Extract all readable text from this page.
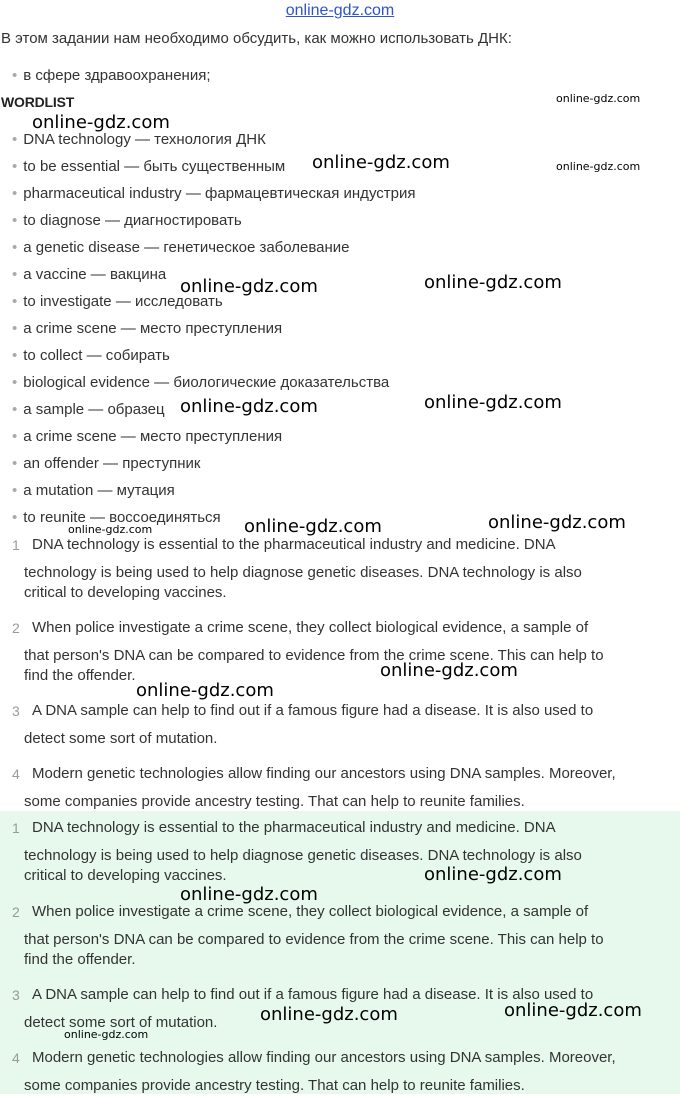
online-gdz.com
В этом задании нам необходимо обсудить, как можно использовать ДНК:
• в сфере здравоохранения;
WORDLIST
• DNA technology — технология ДНК
• to be essential — быть существенным
• pharmaceutical industry — фармацевтическая индустрия
• to diagnose — диагностировать
• a genetic disease — генетическое заболевание
• a vaccine — вакцина
• to investigate — исследовать
• a crime scene — место преступления
• to collect — собирать
• biological evidence — биологические доказательства
• a sample — образец
• a crime scene — место преступления
• an offender — преступник
• a mutation — мутация
• to reunite — воссоединяться
1 DNA technology is essential to the pharmaceutical industry and medicine. DNA
technology is being used to help diagnose genetic diseases. DNA technology is also
critical to developing vaccines.
2 When police investigate a crime scene, they collect biological evidence, a sample of
that person's DNA can be compared to evidence from the crime scene. This can help to
find the offender.
3 A DNA sample can help to find out if a famous figure had a disease. It is also used to
detect some sort of mutation.
4 Modern genetic technologies allow finding our ancestors using DNA samples. Moreover,
some companies provide ancestry testing. That can help to reunite families.
1 DNA technology is essential to the pharmaceutical industry and medicine. DNA
technology is being used to help diagnose genetic diseases. DNA technology is also
critical to developing vaccines.
2 When police investigate a crime scene, they collect biological evidence, a sample of
that person's DNA can be compared to evidence from the crime scene. This can help to
find the offender.
3 A DNA sample can help to find out if a famous figure had a disease. It is also used to
detect some sort of mutation.
4 Modern genetic technologies allow finding our ancestors using DNA samples. Moreover,
some companies provide ancestry testing. That can help to reunite families.
online-gdz.com
online-gdz.com
online-gdz.com	online-gdz.com
online-gdz.com	online-gdz.com
online-gdz.com	online-gdz.com
online-gdz.com	online-gdz.com	online-gdz.com
online-gdz.com
online-gdz.com
online-gdz.com
online-gdz.com
online-gdz.com
online-gdz.com
online-gdz.com
